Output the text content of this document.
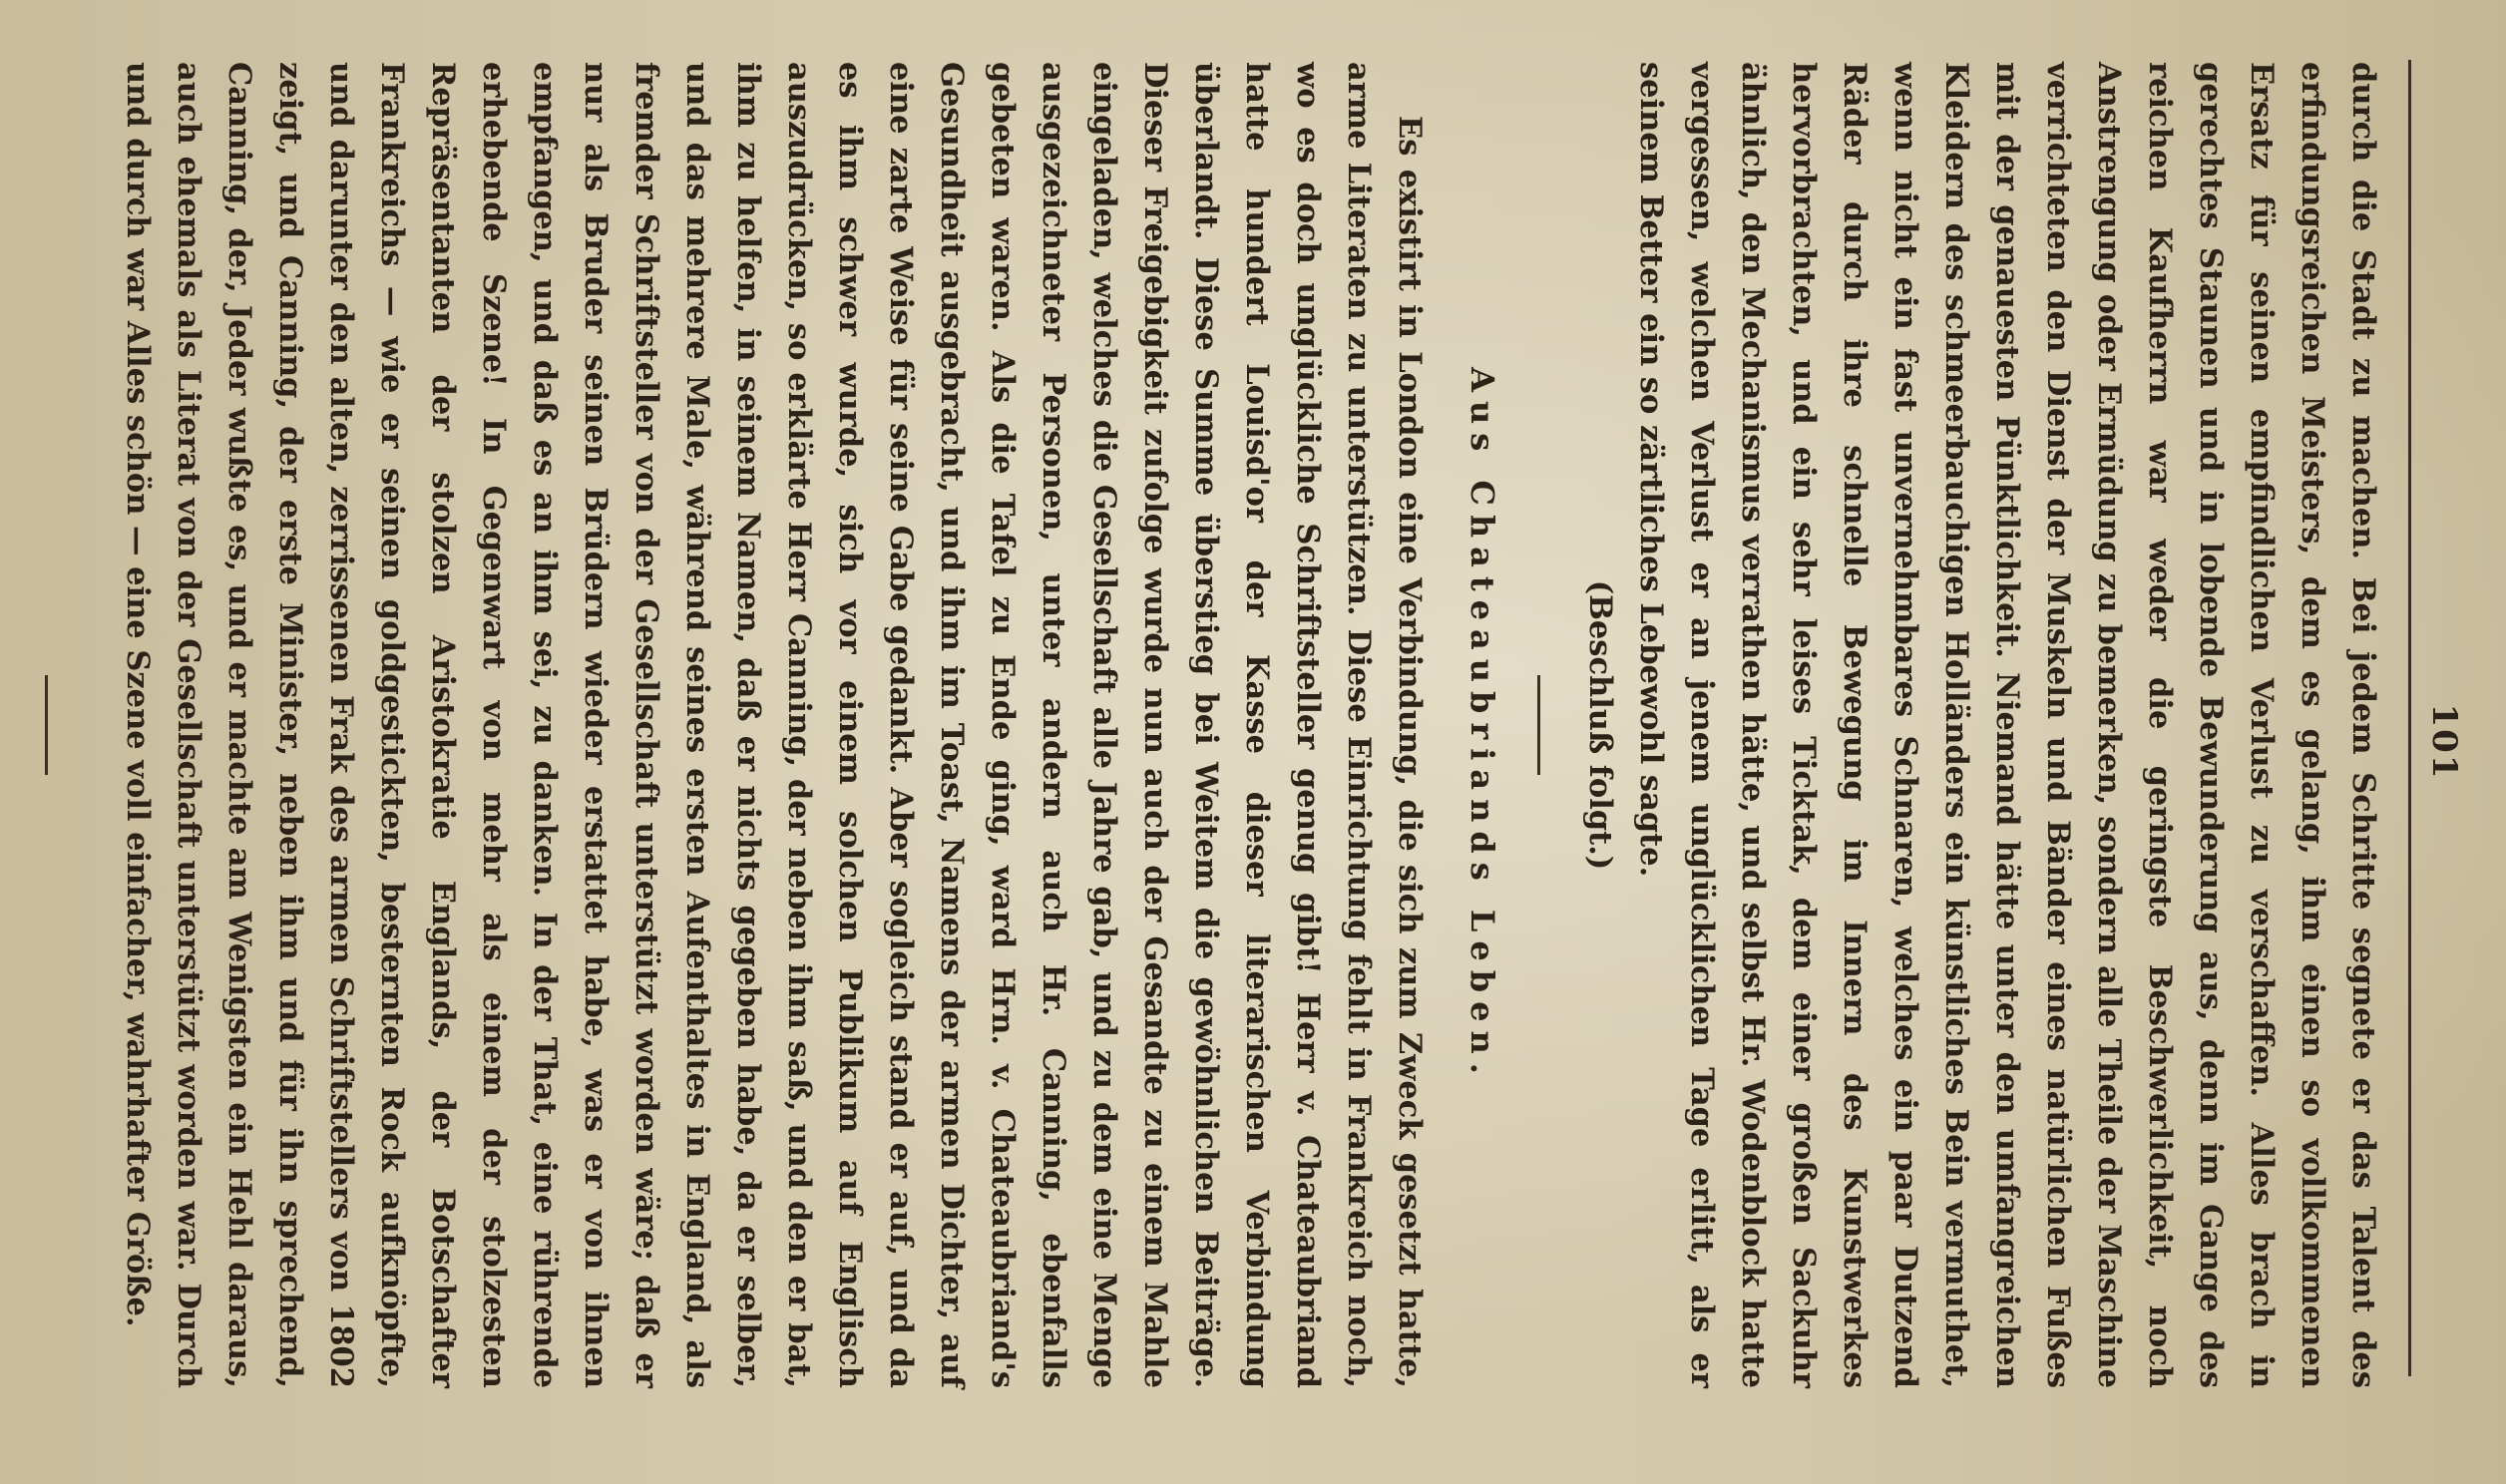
101

durch die Stadt zu machen. Bei jedem Schritte segnete er das Talent des erfindungsreichen Meisters, dem es gelang, ihm einen so vollkommenen Ersatz für seinen empfindlichen Verlust zu verschaffen. Alles brach in gerechtes Staunen und in lobende Bewunderung aus, denn im Gange des reichen Kaufherrn war weder die geringste Beschwerlichkeit, noch Anstrengung oder Ermüdung zu bemerken, sondern alle Theile der Maschine verrichteten den Dienst der Muskeln und Bänder eines natürlichen Fußes mit der genauesten Pünktlichkeit. Niemand hätte unter den umfangreichen Kleidern des schmeerbauchigen Holländers ein künstliches Bein vermuthet, wenn nicht ein fast unvernehmbares Schnaren, welches ein paar Dutzend Räder durch ihre schnelle Bewegung im Innern des Kunstwerkes hervorbrachten, und ein sehr leises Ticktak, dem einer großen Sackuhr ähnlich, den Mechanismus verrathen hätte, und selbst Hr. Wodenblock hatte vergessen, welchen Verlust er an jenem unglücklichen Tage erlitt, als er seinem Better ein so zärtliches Lebewohl sagte.

(Beschluß folgt.)

Aus Chateaubriands Leben.

Es existirt in London eine Verbindung, die sich zum Zweck gesetzt hatte, arme Literaten zu unterstützen. Diese Einrichtung fehlt in Frankreich noch, wo es doch unglückliche Schriftsteller genug gibt! Herr v. Chateaubriand hatte hundert Louisd'or der Kasse dieser literarischen Verbindung überlandt. Diese Summe überstieg bei Weitem die gewöhnlichen Beiträge. Dieser Freigebigkeit zufolge wurde nun auch der Gesandte zu einem Mahle eingeladen, welches die Gesellschaft alle Jahre gab, und zu dem eine Menge ausgezeichneter Personen, unter andern auch Hr. Canning, ebenfalls gebeten waren. Als die Tafel zu Ende ging, ward Hrn. v. Chateaubriand's Gesundheit ausgebracht, und ihm im Toast, Namens der armen Dichter, auf eine zarte Weise für seine Gabe gedankt. Aber sogleich stand er auf, und da es ihm schwer wurde, sich vor einem solchen Publikum auf Englisch auszudrücken, so erklärte Herr Canning, der neben ihm saß, und den er bat, ihm zu helfen, in seinem Namen, daß er nichts gegeben habe, da er selber, und das mehrere Male, während seines ersten Aufenthaltes in England, als fremder Schriftsteller von der Gesellschaft unterstützt worden wäre; daß er nur als Bruder seinen Brüdern wieder erstattet habe, was er von ihnen empfangen, und daß es an ihm sei, zu danken. In der That, eine rührende erhebende Szene! In Gegenwart von mehr als einem der stolzesten Repräsentanten der stolzen Aristokratie Englands, der Botschafter Frankreichs — wie er seinen goldgestickten, besternten Rock aufknöpfte, und darunter den alten, zerrissenen Frak des armen Schriftstellers von 1802 zeigt, und Canning, der erste Minister, neben ihm und für ihn sprechend, Canning, der, Jeder wußte es, und er machte am Wenigsten ein Hehl daraus, auch ehemals als Literat von der Gesellschaft unterstützt worden war. Durch und durch war Alles schön — eine Szene voll einfacher, wahrhafter Größe.
